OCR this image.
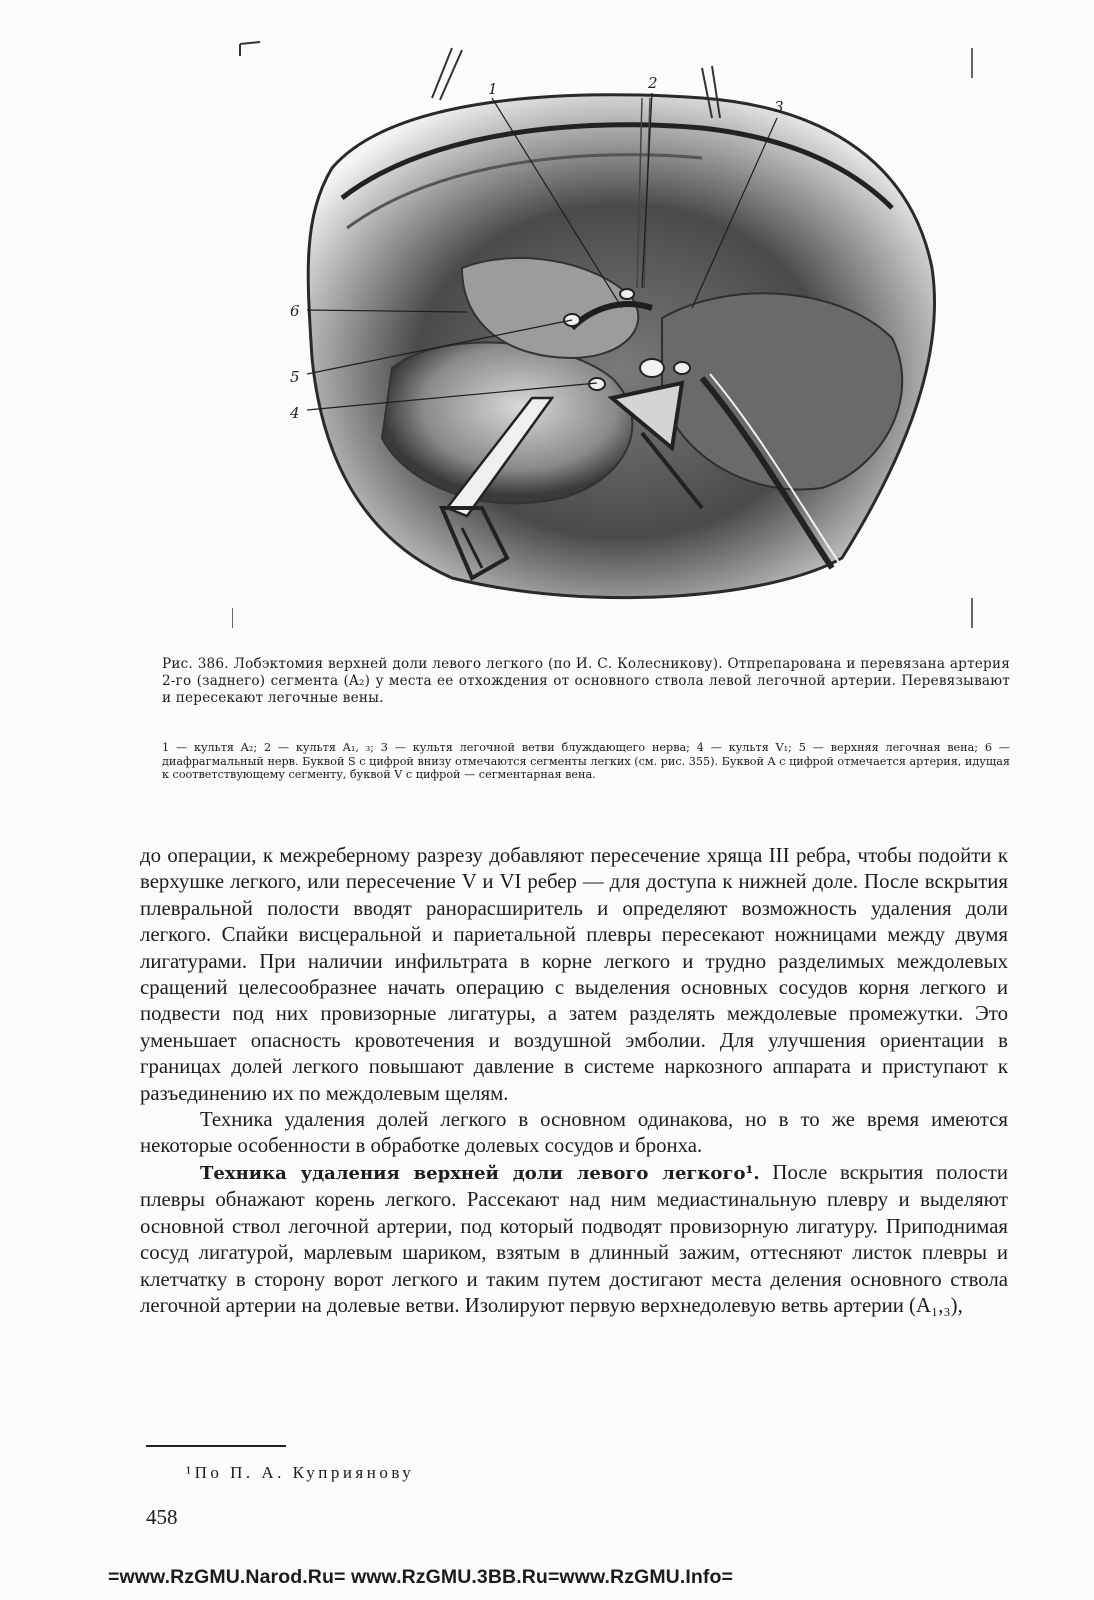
1	2
3
4
5
6
Рис. 386. Лобэктомия верхней доли левого легкого (по И. С. Колесникову). Отпрепарована и перевязана артерия 2-го (заднего) сегмента (A₂) у места ее отхождения от основного ствола левой легочной артерии. Перевязывают и пересекают легочные вены.
1 — культя A₂; 2 — культя A₁, ₃; 3 — культя легочной ветви блуждающего нерва; 4 — культя V₁; 5 — верхняя легочная вена; 6 — диафрагмальный нерв. Буквой S с цифрой внизу отмечаются сегменты легких (см. рис. 355). Буквой A с цифрой отмечается артерия, идущая к соответствующему сегменту, буквой V с цифрой — сегментарная вена.

до операции, к межреберному разрезу добавляют пересечение хряща III ребра, чтобы подойти к верхушке легкого, или пересечение V и VI ребер — для доступа к нижней доле. После вскрытия плевральной полости вводят ранорасширитель и определяют возможность удаления доли легкого. Спайки висцеральной и париетальной плевры пересекают ножницами между двумя лигатурами. При наличии инфильтрата в корне легкого и трудно разделимых междолевых сращений целесообразнее начать операцию с выделения основных сосудов корня легкого и подвести под них провизорные лигатуры, а затем разделять междолевые промежутки. Это уменьшает опасность кровотечения и воздушной эмболии. Для улучшения ориентации в границах долей легкого повышают давление в системе наркозного аппарата и приступают к разъединению их по междолевым щелям.

Техника удаления долей легкого в основном одинакова, но в то же время имеются некоторые особенности в обработке долевых сосудов и бронха.

Техника удаления верхней доли левого легкого¹. После вскрытия полости плевры обнажают корень легкого. Рассекают над ним медиастинальную плевру и выделяют основной ствол легочной артерии, под который подводят провизорную лигатуру. Приподнимая сосуд лигатурой, марлевым шариком, взятым в длинный зажим, оттесняют листок плевры и клетчатку в сторону ворот легкого и таким путем достигают места деления основного ствола легочной артерии на долевые ветви. Изолируют первую верхнедолевую ветвь артерии (A₁,₃),

¹По П. А. Куприянову
458
=www.RzGMU.Narod.Ru= www.RzGMU.3BB.Ru=www.RzGMU.Info=
